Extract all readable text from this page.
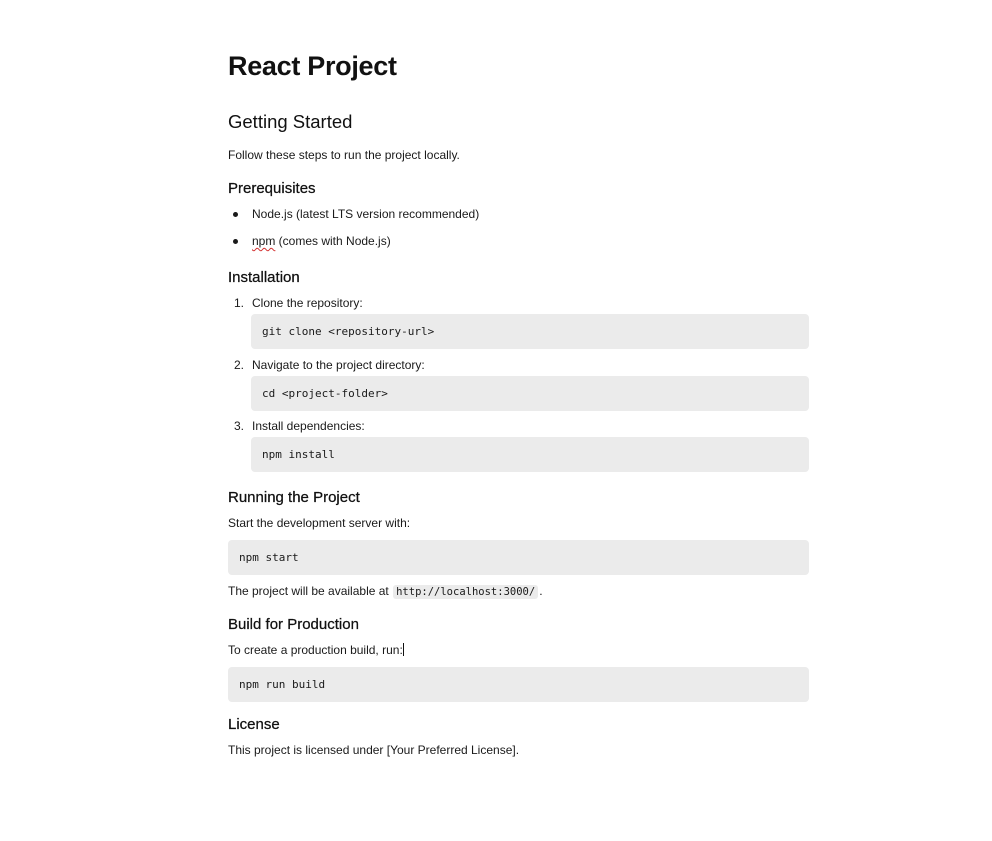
React Project
Getting Started
Follow these steps to run the project locally.
Prerequisites
Node.js (latest LTS version recommended)
npm (comes with Node.js)
Installation
1. Clone the repository:
git clone <repository-url>
2. Navigate to the project directory:
cd <project-folder>
3. Install dependencies:
npm install
Running the Project
Start the development server with:
npm start
The project will be available at http://localhost:3000/ .
Build for Production
To create a production build, run:
npm run build
License
This project is licensed under [Your Preferred License].
